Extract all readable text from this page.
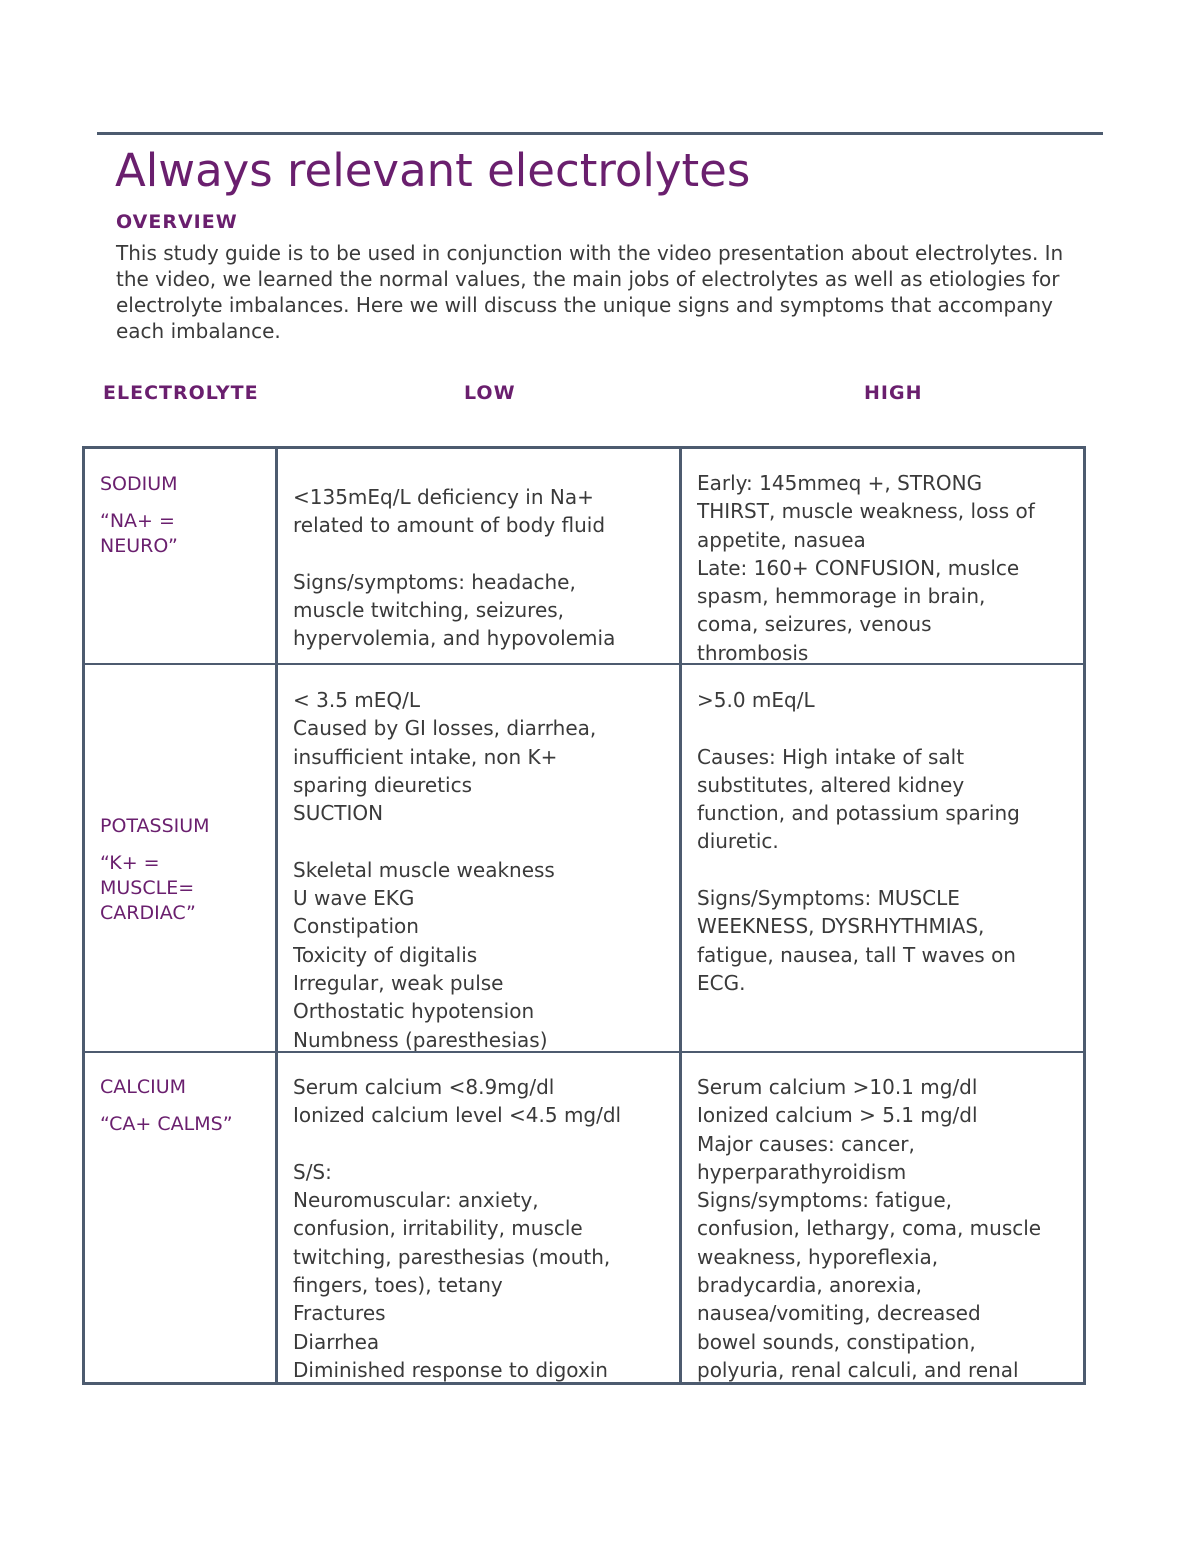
Always relevant electrolytes
OVERVIEW

This study guide is to be used in conjunction with the video presentation about electrolytes. In the video, we learned the normal values, the main jobs of electrolytes as well as etiologies for electrolyte imbalances. Here we will discuss the unique signs and symptoms that accompany each imbalance.

ELECTROLYTE	LOW	HIGH
SODIUM
“NA+ =
NEURO”
<135mEq/L deficiency in Na+
related to amount of body fluid

Signs/symptoms: headache,
muscle twitching, seizures,
hypervolemia, and hypovolemia
Early: 145mmeq +, STRONG
THIRST, muscle weakness, loss of
appetite, nasuea
Late: 160+ CONFUSION, muslce
spasm, hemmorage in brain,
coma, seizures, venous
thrombosis
POTASSIUM
“K+ =
MUSCLE=
CARDIAC”
< 3.5 mEQ/L
Caused by GI losses, diarrhea,
insufficient intake, non K+
sparing dieuretics
SUCTION

Skeletal muscle weakness
U wave EKG
Constipation
Toxicity of digitalis
Irregular, weak pulse
Orthostatic hypotension
Numbness (paresthesias)
>5.0 mEq/L

Causes: High intake of salt
substitutes, altered kidney
function, and potassium sparing
diuretic.

Signs/Symptoms: MUSCLE
WEEKNESS, DYSRHYTHMIAS,
fatigue, nausea, tall T waves on
ECG.
CALCIUM
“CA+ CALMS”
Serum calcium <8.9mg/dl
Ionized calcium level <4.5 mg/dl

S/S:
Neuromuscular: anxiety,
confusion, irritability, muscle
twitching, paresthesias (mouth,
fingers, toes), tetany
Fractures
Diarrhea
Diminished response to digoxin
Serum calcium >10.1 mg/dl
Ionized calcium > 5.1 mg/dl
Major causes: cancer,
hyperparathyroidism
Signs/symptoms: fatigue,
confusion, lethargy, coma, muscle
weakness, hyporeflexia,
bradycardia, anorexia,
nausea/vomiting, decreased
bowel sounds, constipation,
polyuria, renal calculi, and renal
